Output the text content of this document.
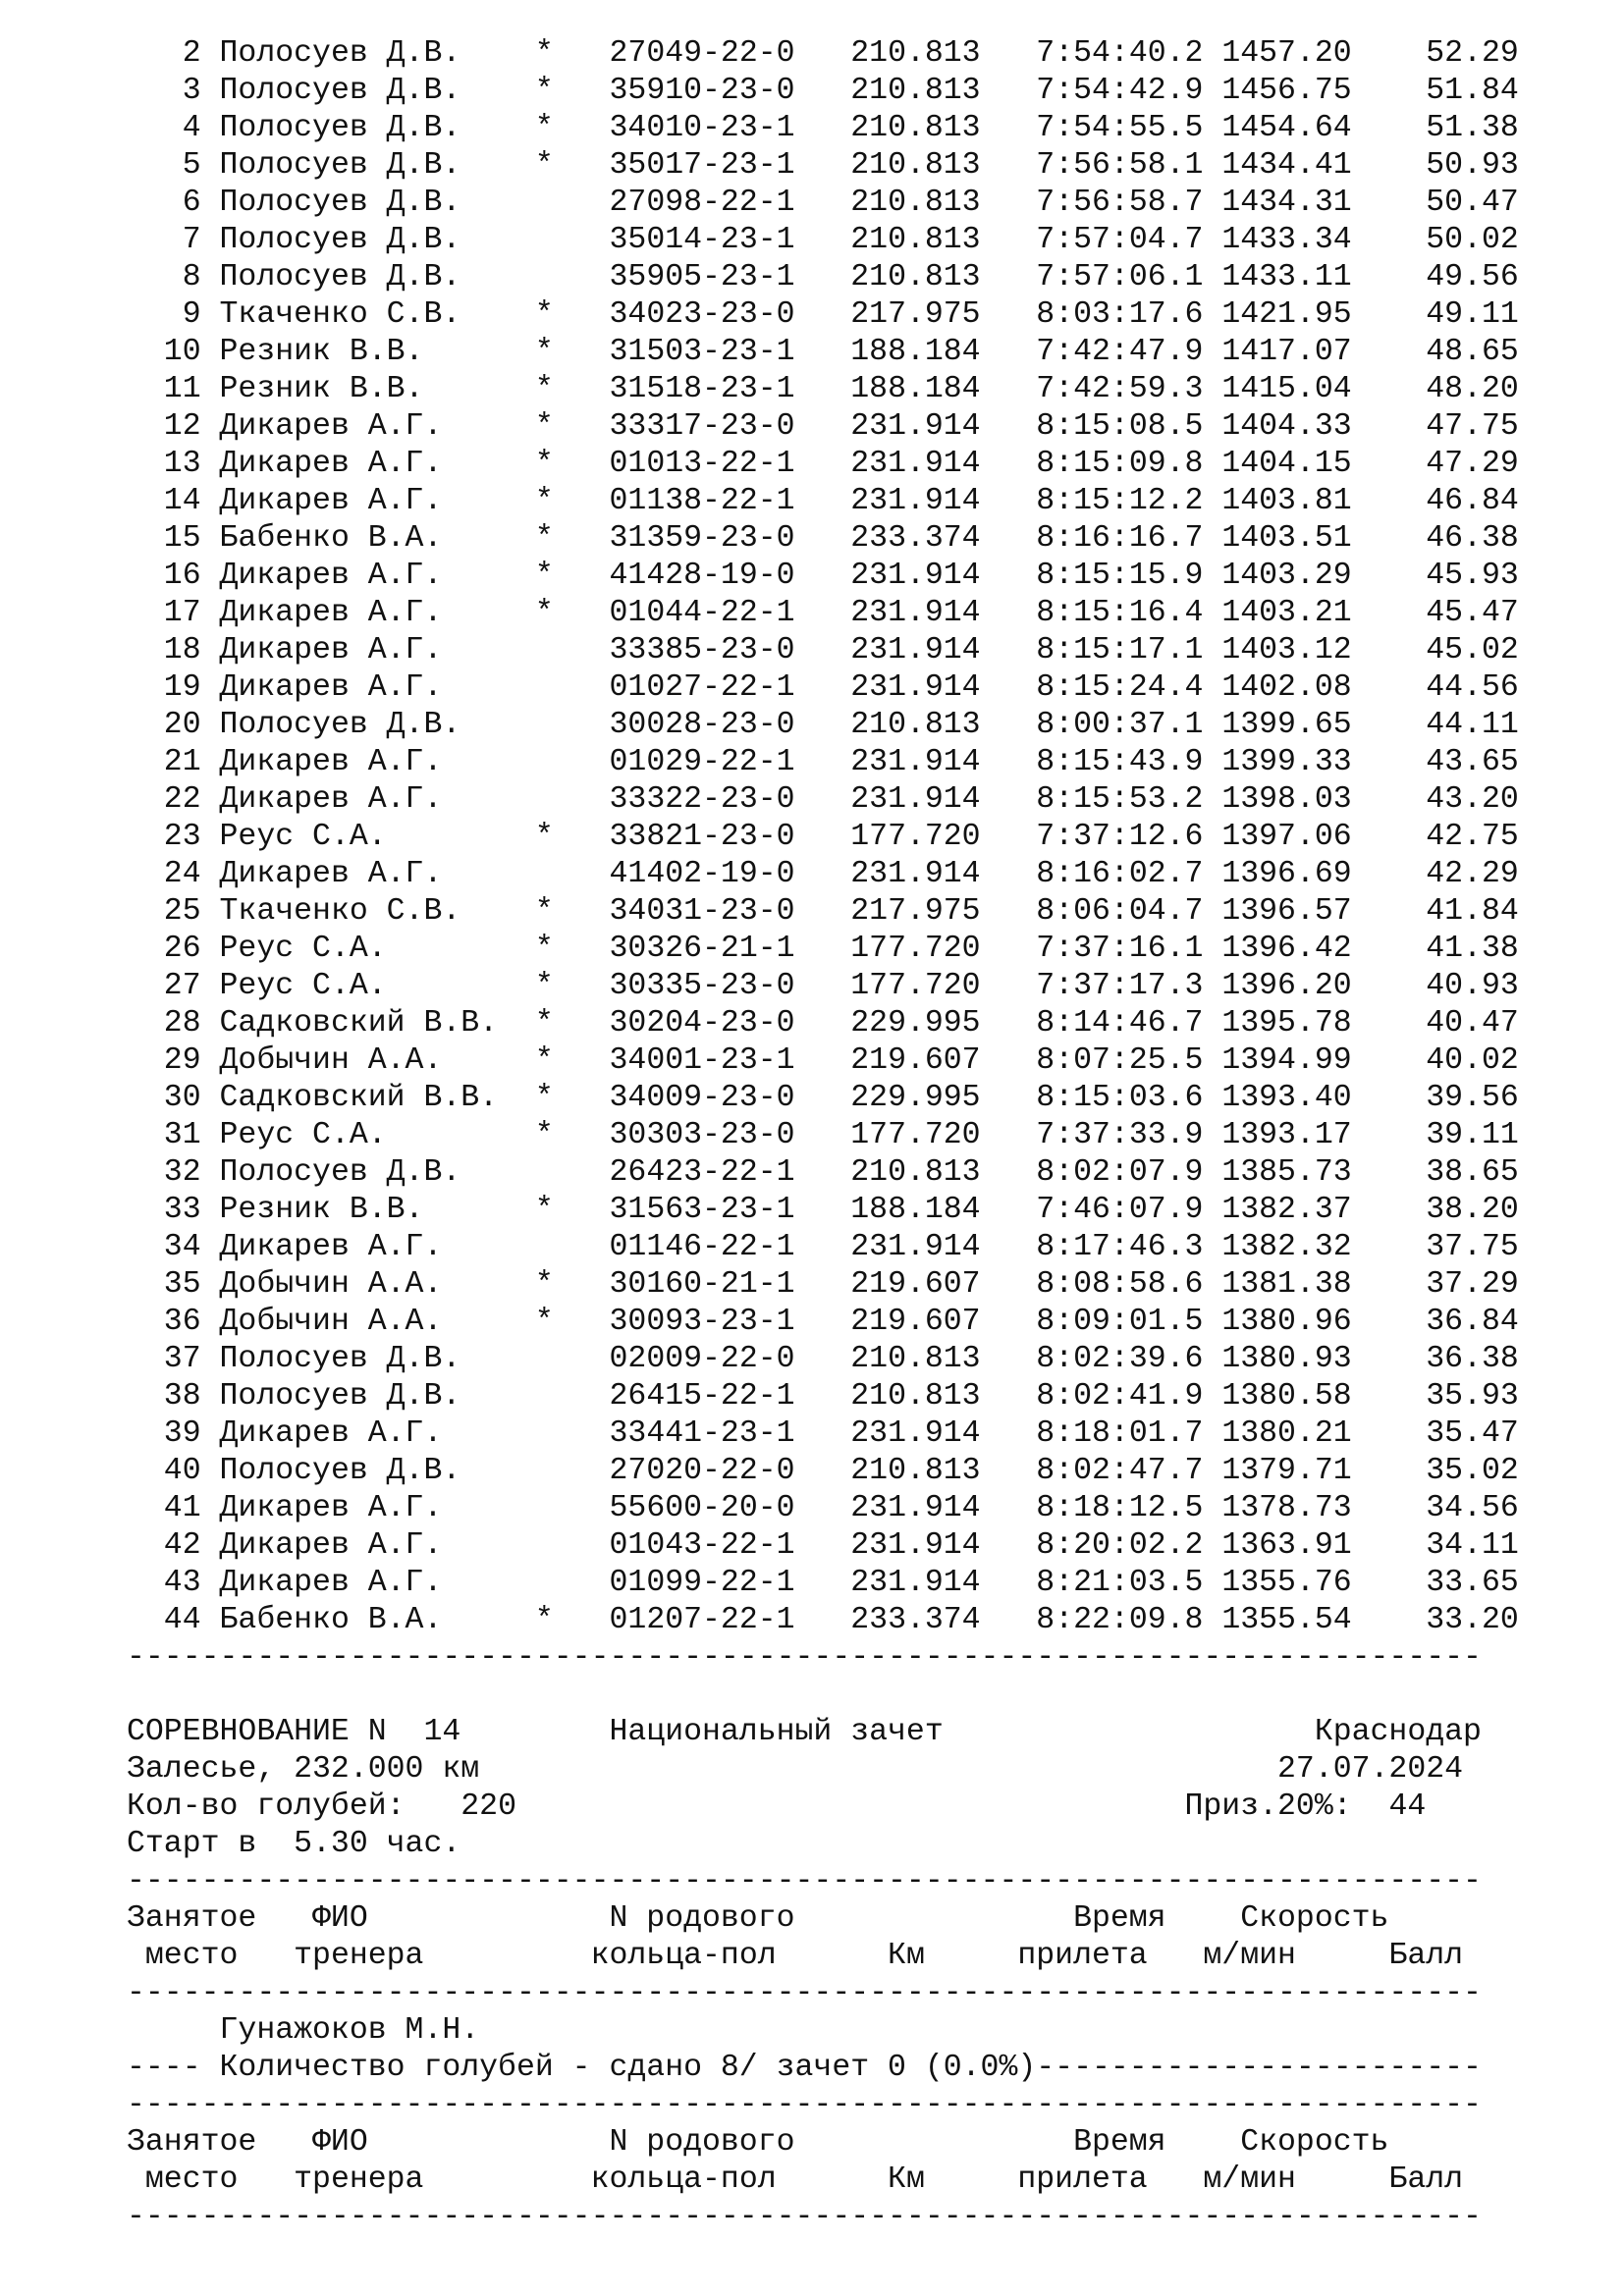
2 Полосуев Д.В.    * 27049-22-0 210.813   7:54:40.2 1457.20    52.29
3 Полосуев Д.В.    * 35910-23-0 210.813   7:54:42.9 1456.75    51.84
4 Полосуев Д.В.    * 34010-23-1 210.813   7:54:55.5 1454.64    51.38
5 Полосуев Д.В.    * 35017-23-1 210.813   7:56:58.1 1434.41    50.93
6 Полосуев Д.В.	27098-22-1 210.813   7:56:58.7 1434.31    50.47
7 Полосуев Д.В.	35014-23-1 210.813   7:57:04.7 1433.34    50.02
8 Полосуев Д.В.	35905-23-1 210.813   7:57:06.1 1433.11    49.56
9 Ткаченко С.В.    * 34023-23-0 217.975   8:03:17.6 1421.95    49.11
10 Резник В.В.      * 31503-23-1 188.184   7:42:47.9 1417.07    48.65
11 Резник В.В.      * 31518-23-1 188.184   7:42:59.3 1415.04    48.20
12 Дикарев А.Г.     * 33317-23-0 231.914   8:15:08.5 1404.33    47.75
13 Дикарев А.Г.     * 01013-22-1 231.914   8:15:09.8 1404.15    47.29
14 Дикарев А.Г.     * 01138-22-1 231.914   8:15:12.2 1403.81    46.84
15 Бабенко В.А.     * 31359-23-0 233.374   8:16:16.7 1403.51    46.38
16 Дикарев А.Г.     * 41428-19-0 231.914   8:15:15.9 1403.29    45.93
17 Дикарев А.Г.     * 01044-22-1 231.914   8:15:16.4 1403.21    45.47
18 Дикарев А.Г.	33385-23-0 231.914   8:15:17.1 1403.12    45.02
19 Дикарев А.Г.	01027-22-1 231.914   8:15:24.4 1402.08    44.56
20 Полосуев Д.В.	30028-23-0 210.813   8:00:37.1 1399.65    44.11
21 Дикарев А.Г.	01029-22-1 231.914   8:15:43.9 1399.33    43.65
22 Дикарев А.Г.	33322-23-0 231.914   8:15:53.2 1398.03    43.20
23 Реус С.А.        * 33821-23-0 177.720   7:37:12.6 1397.06    42.75
24 Дикарев А.Г.	41402-19-0 231.914   8:16:02.7 1396.69    42.29
25 Ткаченко С.В.    * 34031-23-0 217.975   8:06:04.7 1396.57    41.84
26 Реус С.А.        * 30326-21-1 177.720   7:37:16.1 1396.42    41.38
27 Реус С.А.        * 30335-23-0 177.720   7:37:17.3 1396.20    40.93
28 Садковский В.В. * 30204-23-0 229.995   8:14:46.7 1395.78    40.47
29 Добычин А.А.     * 34001-23-1 219.607   8:07:25.5 1394.99    40.02
30 Садковский В.В. * 34009-23-0 229.995   8:15:03.6 1393.40    39.56
31 Реус С.А.        * 30303-23-0 177.720   7:37:33.9 1393.17    39.11
32 Полосуев Д.В.	26423-22-1 210.813   8:02:07.9 1385.73    38.65
33 Резник В.В.      * 31563-23-1 188.184   7:46:07.9 1382.37    38.20
34 Дикарев А.Г.	01146-22-1 231.914   8:17:46.3 1382.32    37.75
35 Добычин А.А.     * 30160-21-1 219.607   8:08:58.6 1381.38    37.29
36 Добычин А.А.     * 30093-23-1 219.607   8:09:01.5 1380.96    36.84
37 Полосуев Д.В.	02009-22-0 210.813   8:02:39.6 1380.93    36.38
38 Полосуев Д.В.	26415-22-1 210.813   8:02:41.9 1380.58    35.93
39 Дикарев А.Г.	33441-23-1 231.914   8:18:01.7 1380.21    35.47
40 Полосуев Д.В.	27020-22-0 210.813   8:02:47.7 1379.71    35.02
41 Дикарев А.Г.	55600-20-0 231.914   8:18:12.5 1378.73    34.56
42 Дикарев А.Г.	01043-22-1 231.914   8:20:02.2 1363.91    34.11
43 Дикарев А.Г.	01099-22-1 231.914   8:21:03.5 1355.76    33.65
44 Бабенко В.А.     * 01207-22-1 233.374   8:22:09.8 1355.54    33.20
-------------------------------------------------------------------------
СОРЕВНОВАНИЕ N  14        Национальный зачет                    Краснодар
Залесье, 232.000 км                                           27.07.2024
Кол-во голубей: 220                                    Приз.20%: 44
Старт в  5.30 час.
-------------------------------------------------------------------------
Занятое   ФИО             N родового               Время    Скорость
место   тренера         кольца-пол      Км     прилета   м/мин     Балл
-------------------------------------------------------------------------
Гунажоков М.Н.
---- Количество голубей - сдано 8/ зачет 0 (0.0%)------------------------
-------------------------------------------------------------------------
Занятое   ФИО             N родового               Время    Скорость
место   тренера         кольца-пол      Км     прилета   м/мин     Балл
-------------------------------------------------------------------------
